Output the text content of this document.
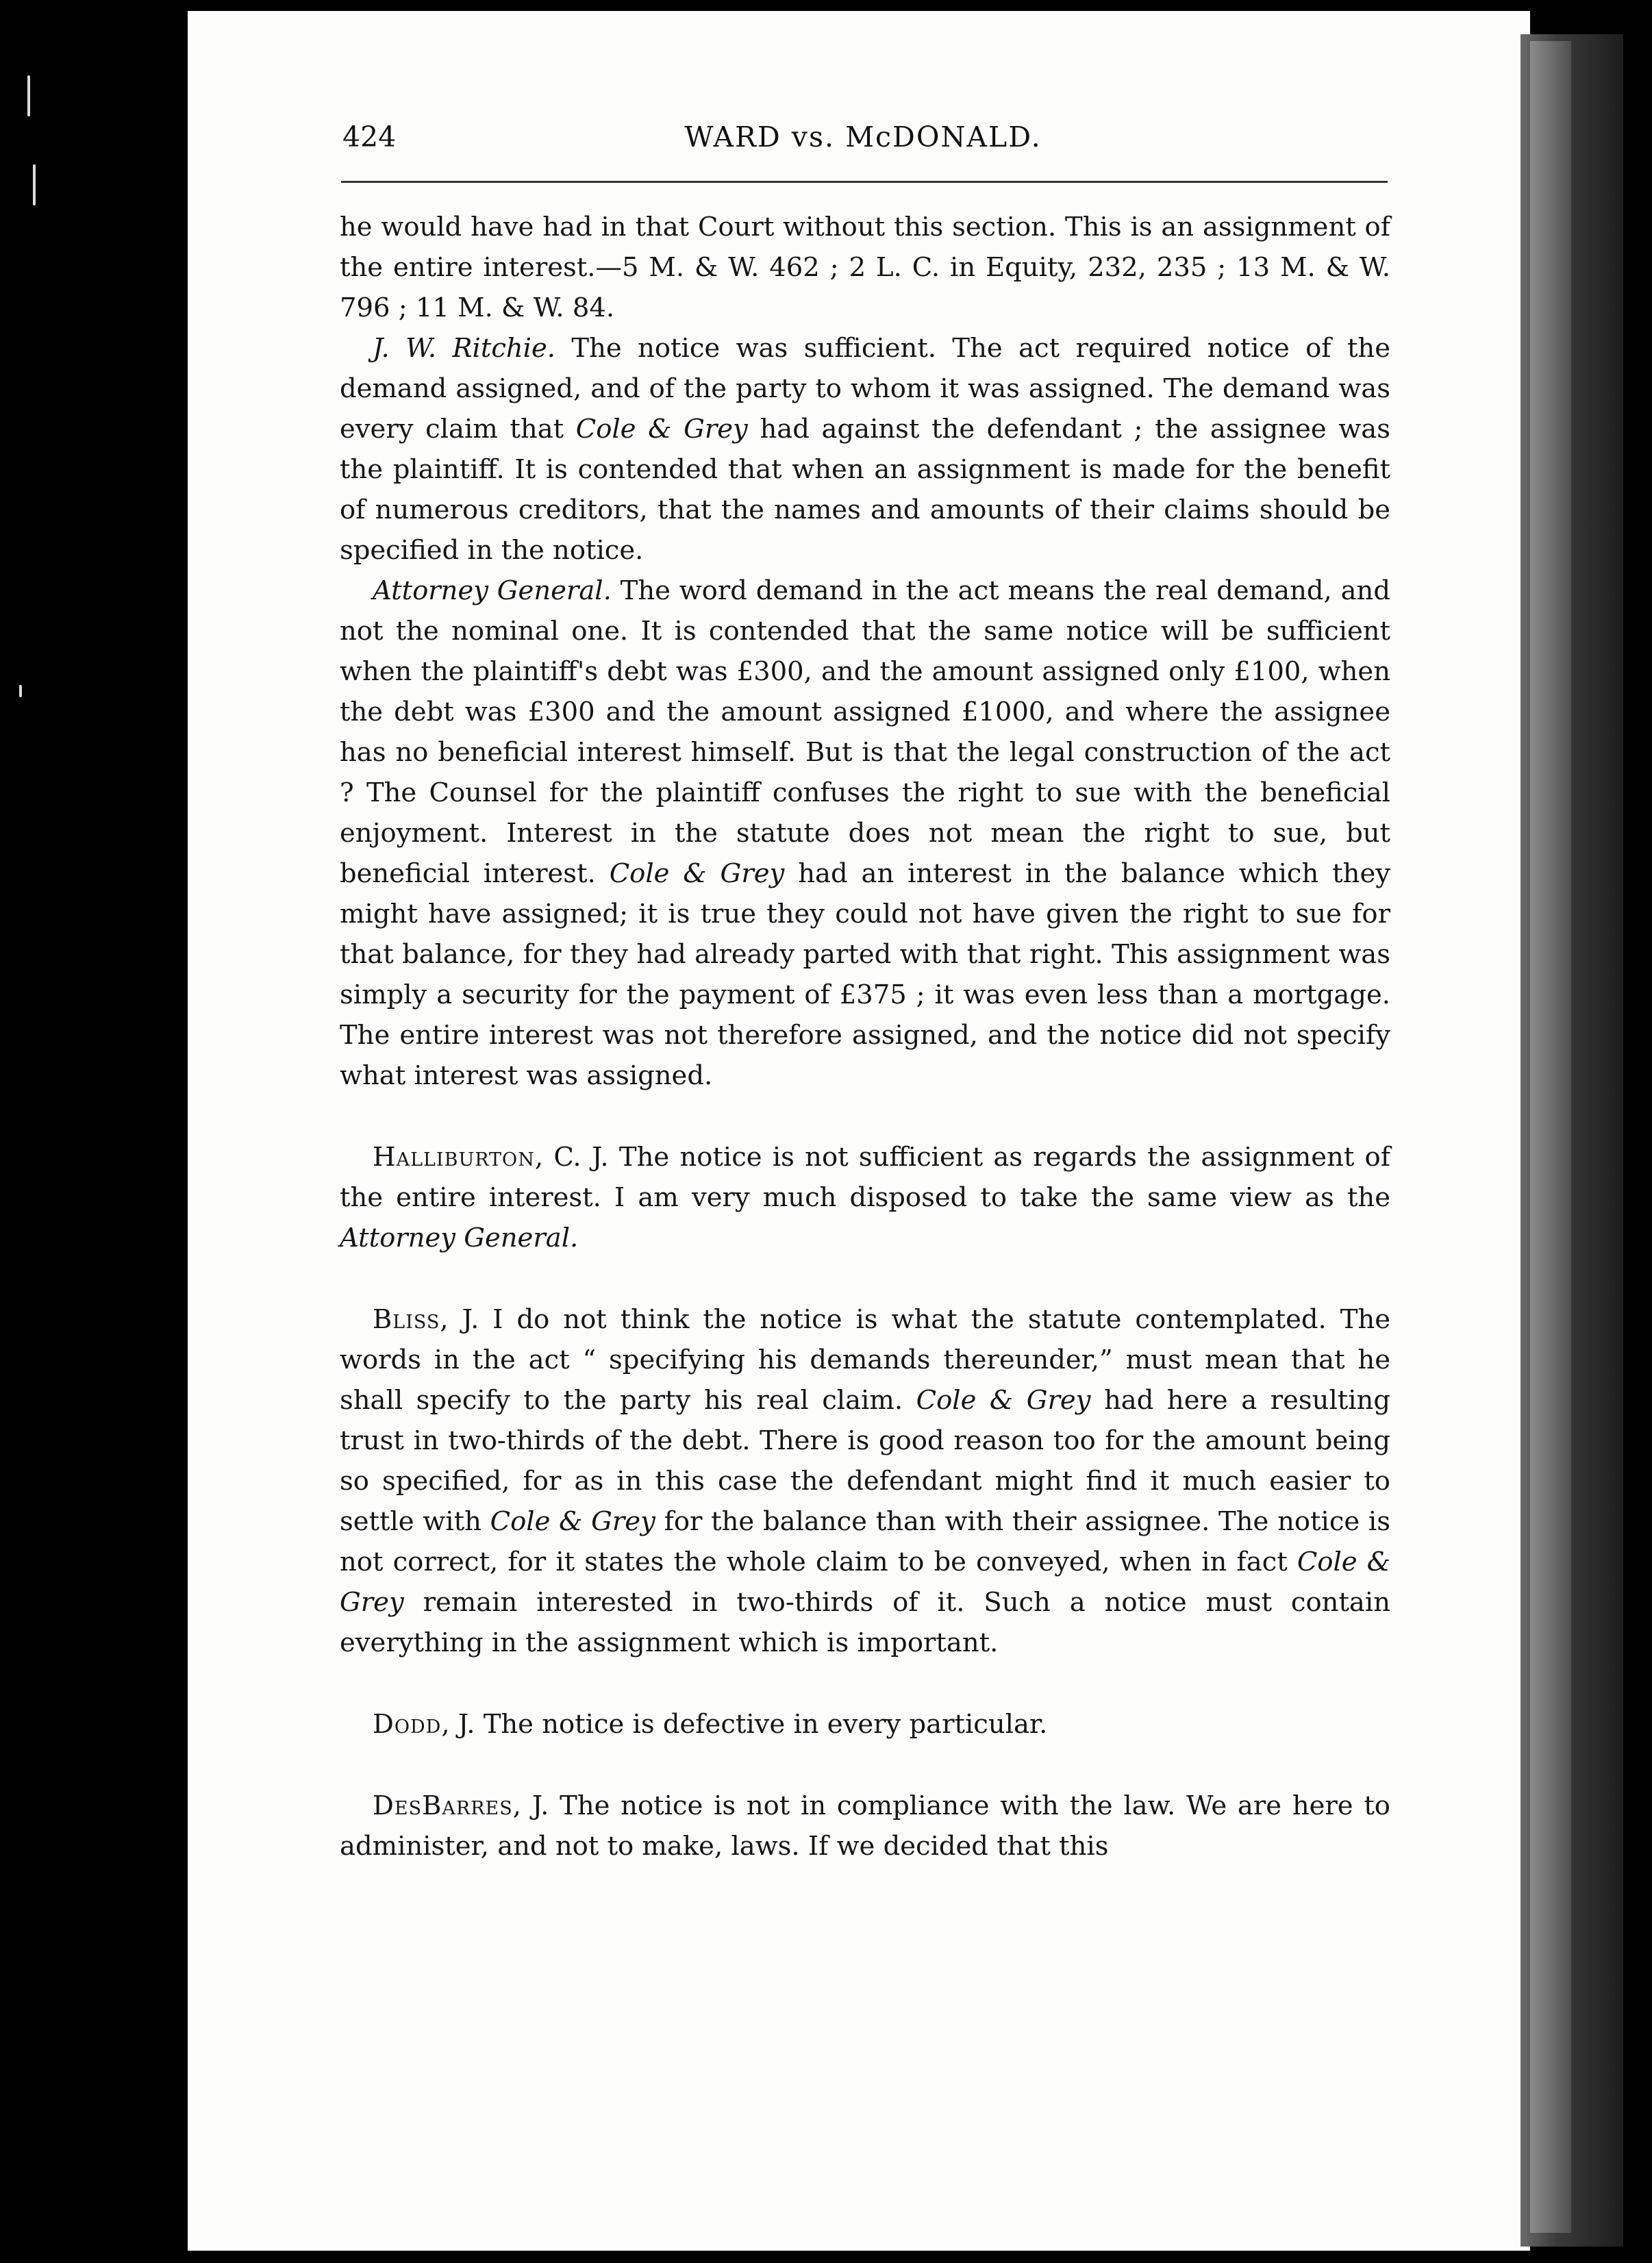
424	WARD vs. McDONALD.

he would have had in that Court without this section. This is an assignment of the entire interest.—5 M. & W. 462 ; 2 L. C. in Equity, 232, 235 ; 13 M. & W. 796 ; 11 M. & W. 84.

J. W. Ritchie. The notice was sufficient. The act required notice of the demand assigned, and of the party to whom it was assigned. The demand was every claim that Cole & Grey had against the defendant ; the assignee was the plaintiff. It is contended that when an assignment is made for the benefit of numerous creditors, that the names and amounts of their claims should be specified in the notice.

Attorney General. The word demand in the act means the real demand, and not the nominal one. It is contended that the same notice will be sufficient when the plaintiff's debt was £300, and the amount assigned only £100, when the debt was £300 and the amount assigned £1000, and where the assignee has no beneficial interest himself. But is that the legal construction of the act ? The Counsel for the plaintiff confuses the right to sue with the beneficial enjoyment. Interest in the statute does not mean the right to sue, but beneficial interest. Cole & Grey had an interest in the balance which they might have assigned; it is true they could not have given the right to sue for that balance, for they had already parted with that right. This assignment was simply a security for the payment of £375 ; it was even less than a mortgage. The entire interest was not therefore assigned, and the notice did not specify what interest was assigned.

Halliburton, C. J. The notice is not sufficient as regards the assignment of the entire interest. I am very much disposed to take the same view as the Attorney General.

Bliss, J. I do not think the notice is what the statute contemplated. The words in the act “ specifying his demands thereunder,” must mean that he shall specify to the party his real claim. Cole & Grey had here a resulting trust in two-thirds of the debt. There is good reason too for the amount being so specified, for as in this case the defendant might find it much easier to settle with Cole & Grey for the balance than with their assignee. The notice is not correct, for it states the whole claim to be conveyed, when in fact Cole & Grey remain interested in two-thirds of it. Such a notice must contain everything in the assignment which is important.

Dodd, J. The notice is defective in every particular.

DesBarres, J. The notice is not in compliance with the law. We are here to administer, and not to make, laws. If we decided that this
